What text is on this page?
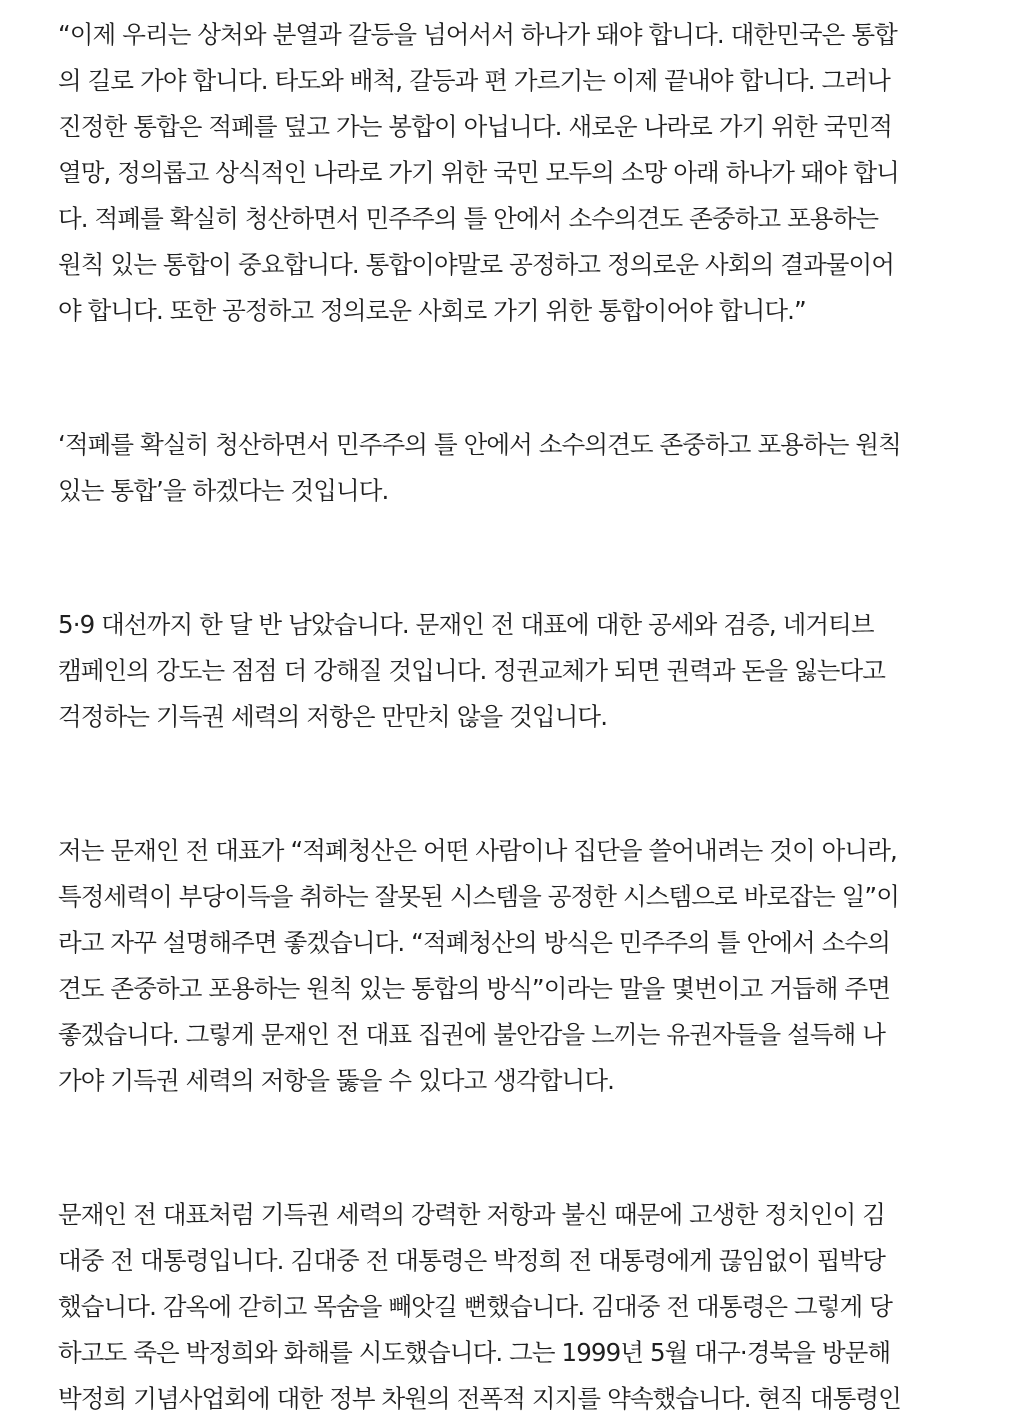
“이제 우리는 상처와 분열과 갈등을 넘어서서 하나가 돼야 합니다. 대한민국은 통합
의 길로 가야 합니다. 타도와 배척, 갈등과 편 가르기는 이제 끝내야 합니다. 그러나
진정한 통합은 적폐를 덮고 가는 봉합이 아닙니다. 새로운 나라로 가기 위한 국민적
열망, 정의롭고 상식적인 나라로 가기 위한 국민 모두의 소망 아래 하나가 돼야 합니
다. 적폐를 확실히 청산하면서 민주주의 틀 안에서 소수의견도 존중하고 포용하는
원칙 있는 통합이 중요합니다. 통합이야말로 공정하고 정의로운 사회의 결과물이어
야 합니다. 또한 공정하고 정의로운 사회로 가기 위한 통합이어야 합니다.”

‘적폐를 확실히 청산하면서 민주주의 틀 안에서 소수의견도 존중하고 포용하는 원칙
있는 통합’을 하겠다는 것입니다.

5·9 대선까지 한 달 반 남았습니다. 문재인 전 대표에 대한 공세와 검증, 네거티브
캠페인의 강도는 점점 더 강해질 것입니다. 정권교체가 되면 권력과 돈을 잃는다고
걱정하는 기득권 세력의 저항은 만만치 않을 것입니다.

저는 문재인 전 대표가 “적폐청산은 어떤 사람이나 집단을 쓸어내려는 것이 아니라,
특정세력이 부당이득을 취하는 잘못된 시스템을 공정한 시스템으로 바로잡는 일”이
라고 자꾸 설명해주면 좋겠습니다. “적폐청산의 방식은 민주주의 틀 안에서 소수의
견도 존중하고 포용하는 원칙 있는 통합의 방식”이라는 말을 몇번이고 거듭해 주면
좋겠습니다. 그렇게 문재인 전 대표 집권에 불안감을 느끼는 유권자들을 설득해 나
가야 기득권 세력의 저항을 뚫을 수 있다고 생각합니다.

문재인 전 대표처럼 기득권 세력의 강력한 저항과 불신 때문에 고생한 정치인이 김
대중 전 대통령입니다. 김대중 전 대통령은 박정희 전 대통령에게 끊임없이 핍박당
했습니다. 감옥에 갇히고 목숨을 빼앗길 뻔했습니다. 김대중 전 대통령은 그렇게 당
하고도 죽은 박정희와 화해를 시도했습니다. 그는 1999년 5월 대구·경북을 방문해
박정희 기념사업회에 대한 정부 차원의 전폭적 지지를 약속했습니다. 현직 대통령인
